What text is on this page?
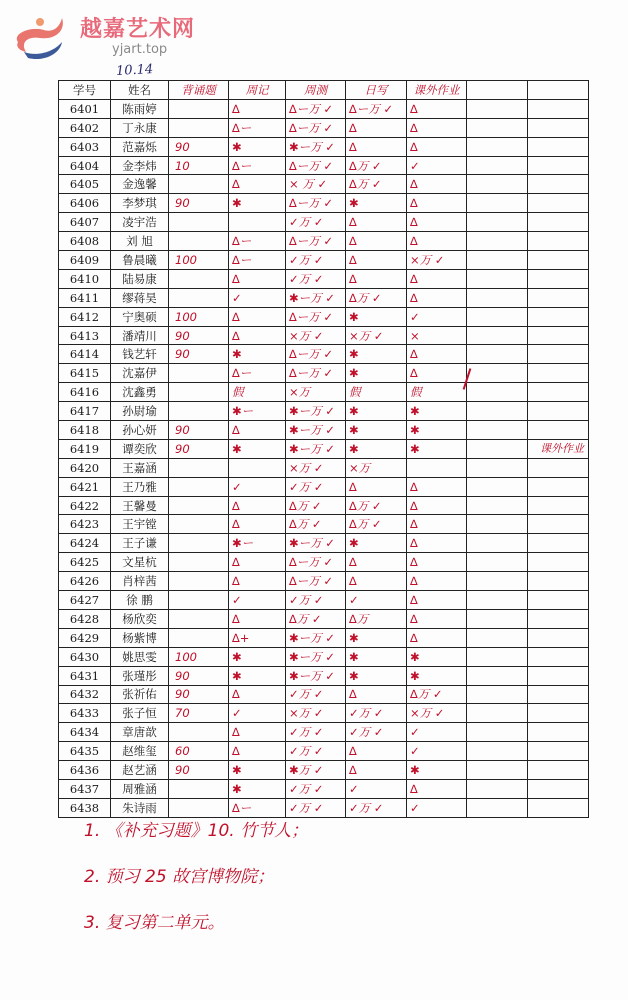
越嘉艺术网
yjart.top
10.14
学号	姓名	背诵题	周记	周测	日写	课外作业		
6401	陈雨婷		∆	∆ー万 ✓	∆ー万 ✓	∆		
6402	丁永康		∆ー	∆ー万 ✓	∆	∆		
6403	范嘉烁	90	✱	✱ー万 ✓	∆	∆		
6404	金李炜	10	∆ー	∆ー万 ✓	∆万 ✓	✓		
6405	金逸馨		∆	× 万 ✓	∆万 ✓	∆		
6406	李梦琪	90	✱	∆ー万 ✓	✱	∆		
6407	凌宇浩			✓万 ✓	∆	∆		
6408	刘 旭		∆ー	∆ー万 ✓	∆	∆		
6409	鲁晨曦	100	∆ー	✓万 ✓	∆	×万 ✓		
6410	陆易康		∆	✓万 ✓	∆	∆		
6411	缪蒋昊		✓	✱ー万 ✓	∆万 ✓	∆		
6412	宁奥硕	100	∆	∆ー万 ✓	✱	✓		
6413	潘靖川	90	∆	×万 ✓	×万 ✓	×		
6414	钱艺轩	90	✱	∆ー万 ✓	✱	∆		
6415	沈嘉伊		∆ー	∆ー万 ✓	✱	∆		
6416	沈鑫勇		假	×万	假	假		
6417	孙尉瑜		✱ー	✱ー万 ✓	✱	✱		
6418	孙心妍	90	∆	✱ー万 ✓	✱	✱		
6419	谭奕欣	90	✱	✱ー万 ✓	✱	✱		
6420	王嘉涵			×万 ✓	×万			
6421	王乃雅		✓	✓万 ✓	∆	∆		
6422	王馨曼		∆	∆万 ✓	∆万 ✓	∆		
6423	王宇镗		∆	∆万 ✓	∆万 ✓	∆		
6424	王子谦		✱ー	✱ー万 ✓	✱	∆		
6425	文星杭		∆	∆ー万 ✓	∆	∆		
6426	肖梓茜		∆	∆ー万 ✓	∆	∆		
6427	徐 鹏		✓	✓万 ✓	✓	∆		
6428	杨欣奕		∆	∆万 ✓	∆万	∆		
6429	杨紫博		∆+	✱ー万 ✓	✱	∆		
6430	姚思雯	100	✱	✱ー万 ✓	✱	✱		
6431	张瑾彤	90	✱	✱ー万 ✓	✱	✱		
6432	张祈佑	90	∆	✓万 ✓	∆	∆万 ✓		
6433	张子恒	70	✓	×万 ✓	✓万 ✓	×万 ✓		
6434	章唐歆		∆	✓万 ✓	✓万 ✓	✓		
6435	赵维玺	60	∆	✓万 ✓	∆	✓		
6436	赵艺涵	90	✱	✱万 ✓	∆	✱		
6437	周雅涵		✱	✓万 ✓	✓	∆		
6438	朱诗雨		∆ー	✓万 ✓	✓万 ✓	✓		
课外作业
1. 《补充习题》10. 竹节人；
2. 预习 25 故宫博物院；
3. 复习第二单元。
